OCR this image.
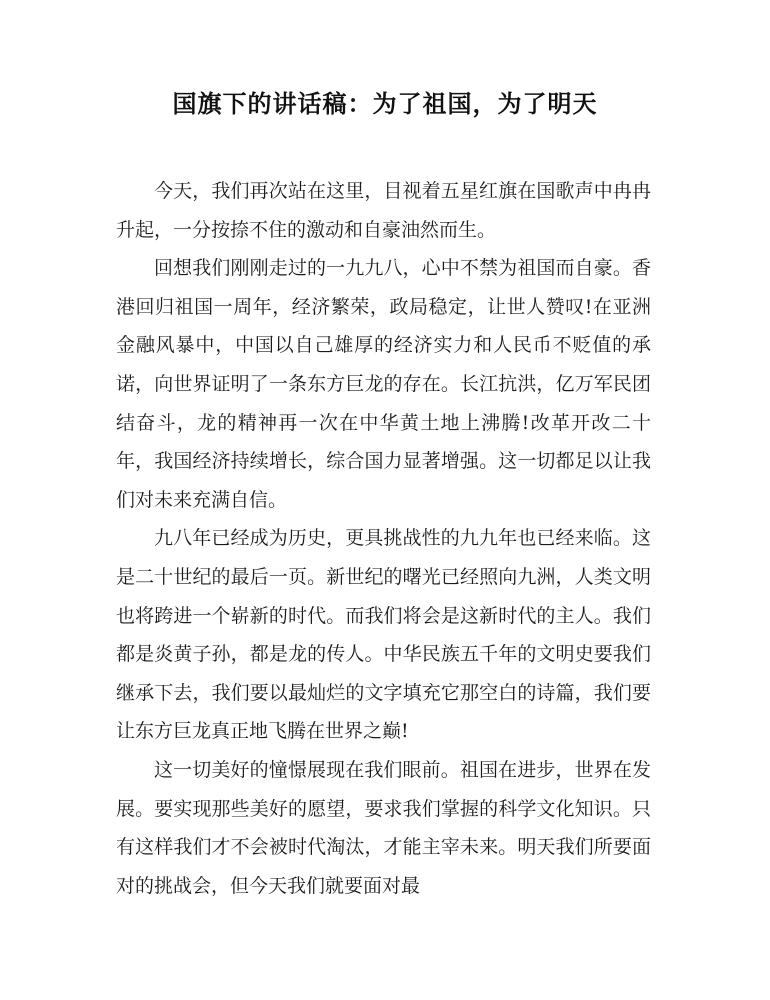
国旗下的讲话稿：为了祖国，为了明天

今天，我们再次站在这里，目视着五星红旗在国歌声中冉冉升起，一分按捺不住的激动和自豪油然而生。

回想我们刚刚走过的一九九八，心中不禁为祖国而自豪。香港回归祖国一周年，经济繁荣，政局稳定，让世人赞叹!在亚洲金融风暴中，中国以自己雄厚的经济实力和人民币不贬值的承诺，向世界证明了一条东方巨龙的存在。长江抗洪，亿万军民团结奋斗，龙的精神再一次在中华黄土地上沸腾!改革开改二十年，我国经济持续增长，综合国力显著增强。这一切都足以让我们对未来充满自信。

九八年已经成为历史，更具挑战性的九九年也已经来临。这是二十世纪的最后一页。新世纪的曙光已经照向九洲，人类文明也将跨进一个崭新的时代。而我们将会是这新时代的主人。我们都是炎黄子孙，都是龙的传人。中华民族五千年的文明史要我们继承下去，我们要以最灿烂的文字填充它那空白的诗篇，我们要让东方巨龙真正地飞腾在世界之巅!

这一切美好的憧憬展现在我们眼前。祖国在进步，世界在发展。要实现那些美好的愿望，要求我们掌握的科学文化知识。只有这样我们才不会被时代淘汰，才能主宰未来。明天我们所要面对的挑战会，但今天我们就要面对最
